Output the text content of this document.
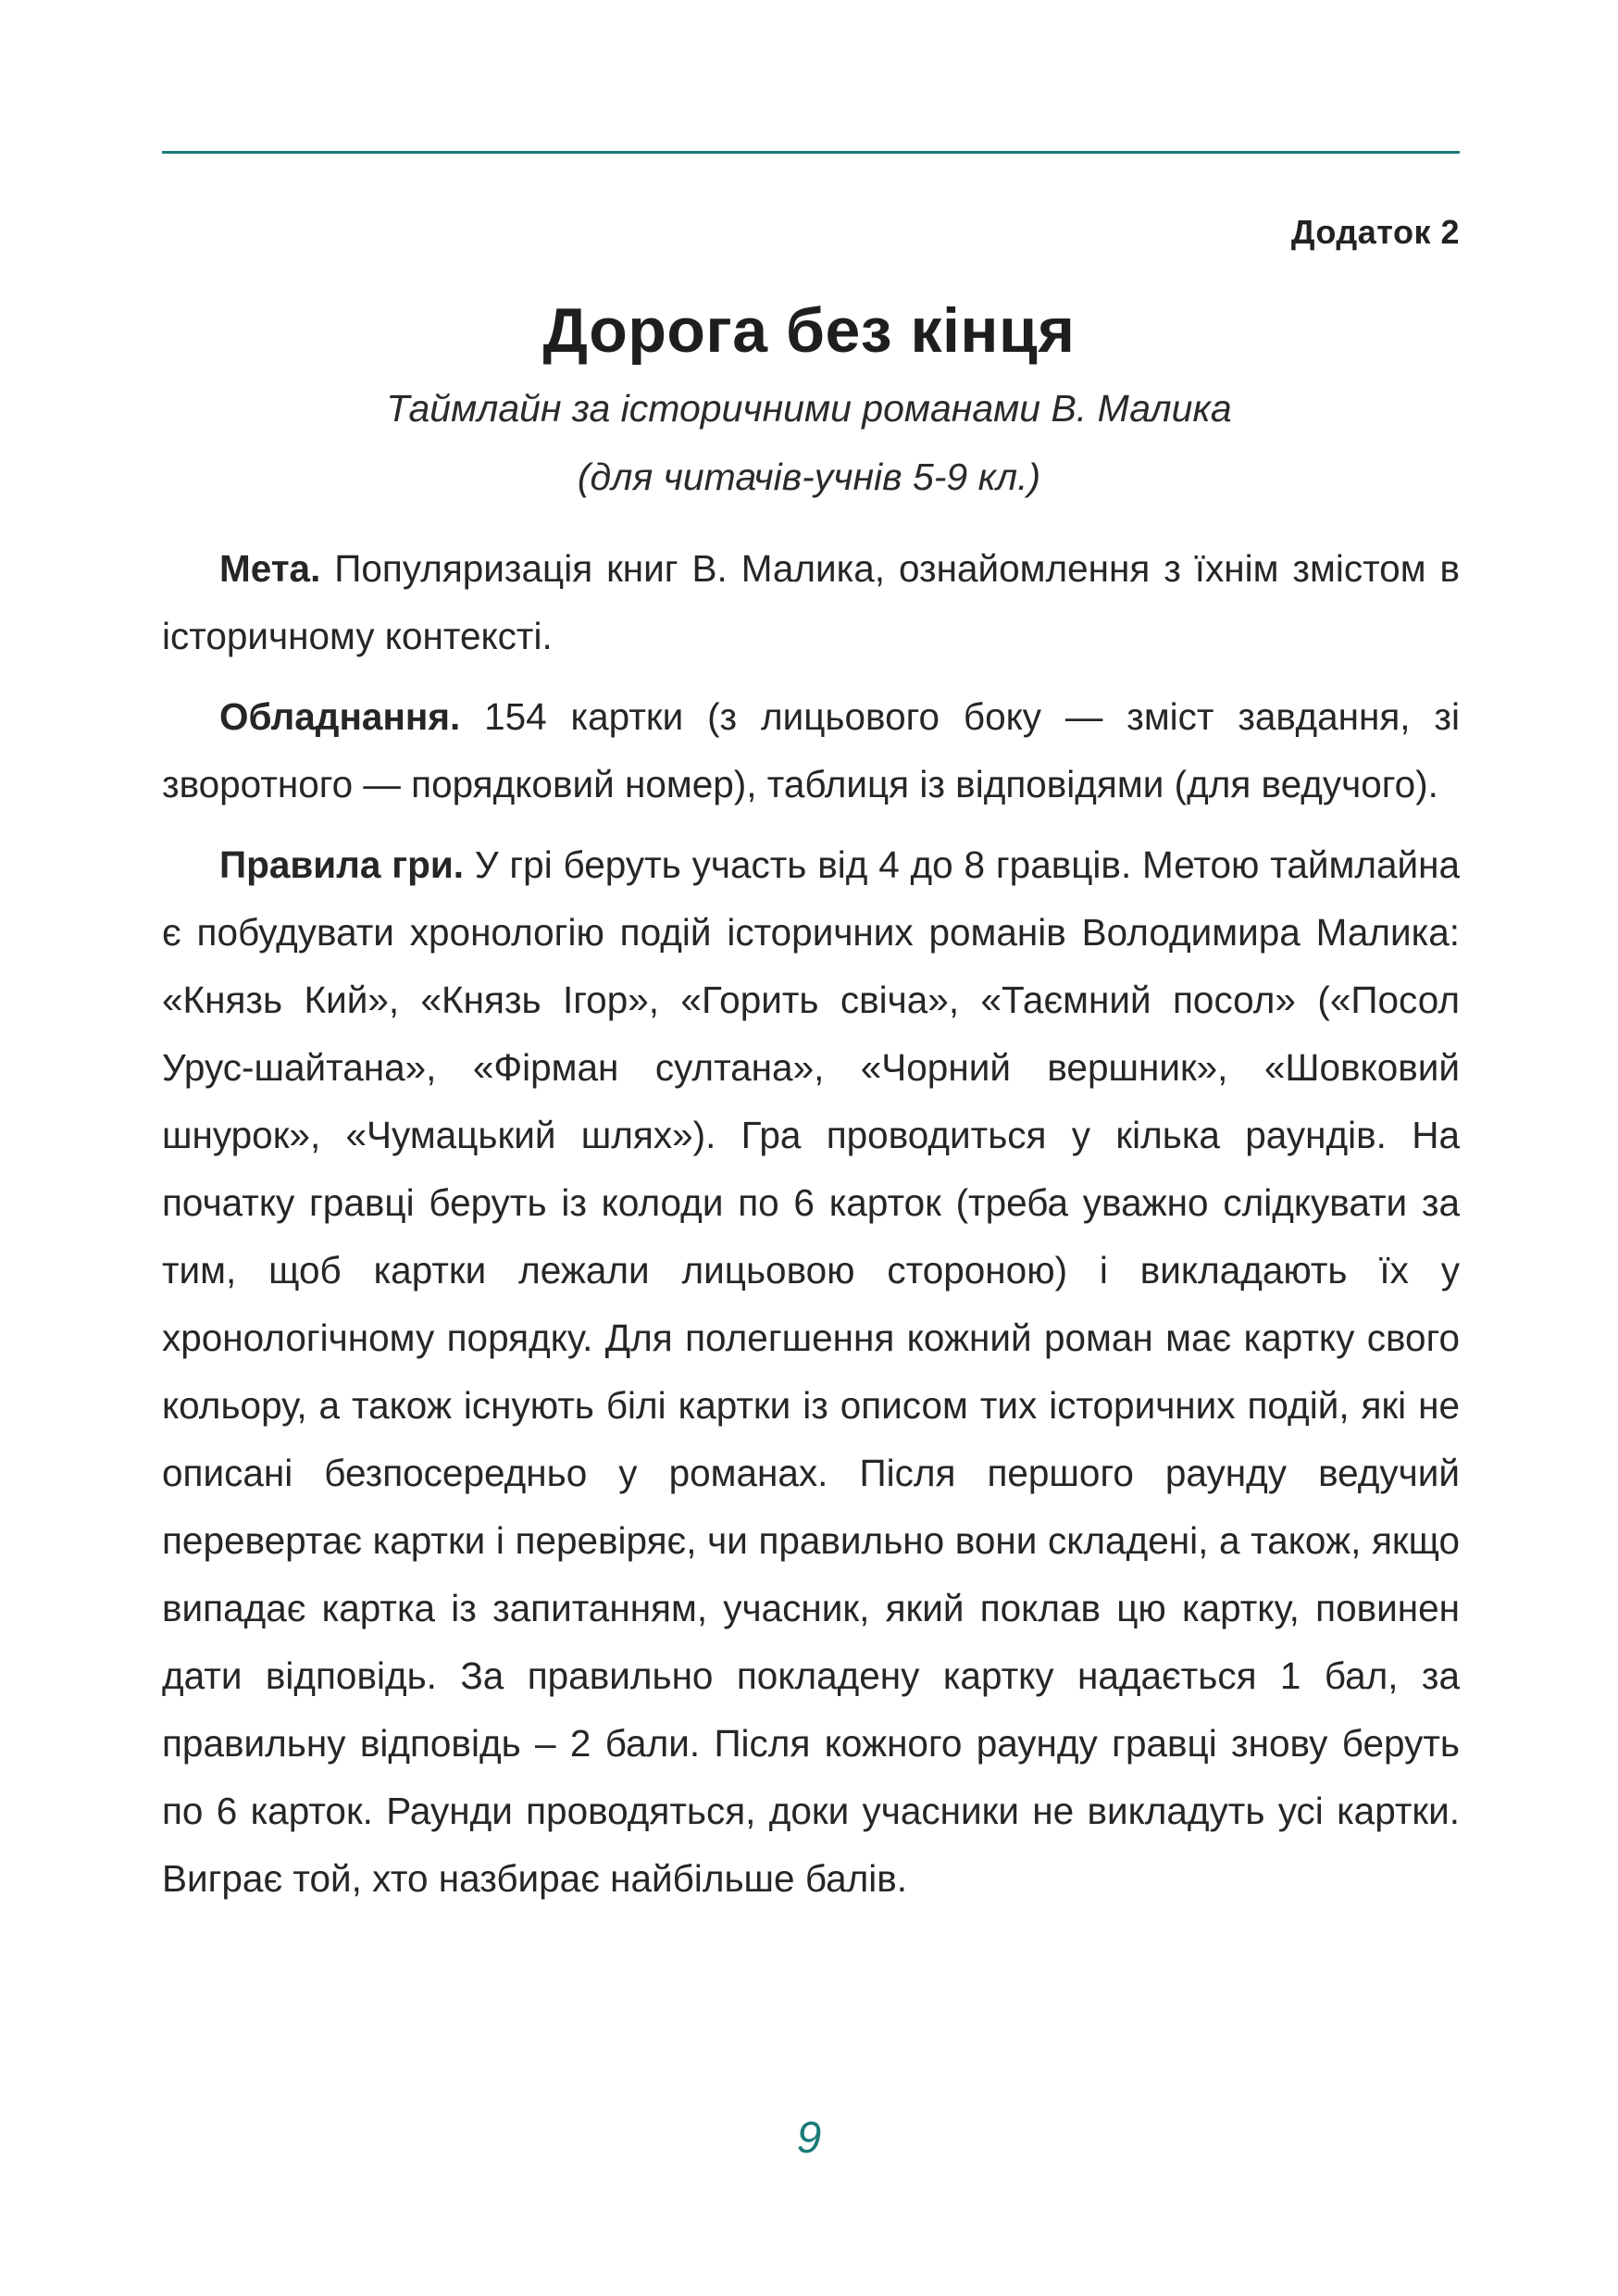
Додаток 2
Дорога без кінця
Таймлайн за історичними романами В. Малика
(для читачів-учнів 5-9 кл.)

Мета. Популяризація книг В. Малика, ознайомлення з їхнім змістом в історичному контексті.

Обладнання. 154 картки (з лицьового боку — зміст завдання, зі зворотного — порядковий номер), таблиця із відповідями (для ведучого).

Правила гри. У грі беруть участь від 4 до 8 гравців. Метою таймлайна є побудувати хронологію подій історичних романів Володимира Малика: «Князь Кий», «Князь Ігор», «Горить свіча», «Таємний посол» («Посол Урус-шайтана», «Фірман султана», «Чорний вершник», «Шовковий шнурок», «Чумацький шлях»). Гра проводиться у кілька раундів. На початку гравці беруть із колоди по 6 карток (треба уважно слідкувати за тим, щоб картки лежали лицьовою стороною) і викладають їх у хронологічному порядку. Для полегшення кожний роман має картку свого кольору, а також існують білі картки із описом тих історичних подій, які не описані безпосередньо у романах. Після першого раунду ведучий перевертає картки і перевіряє, чи правильно вони складені, а також, якщо випадає картка із запитанням, учасник, який поклав цю картку, повинен дати відповідь. За правильно покладену картку надається 1 бал, за правильну відповідь – 2 бали. Після кожного раунду гравці знову беруть по 6 карток. Раунди проводяться, доки учасники не викладуть усі картки. Виграє той, хто назбирає найбільше балів.

9
